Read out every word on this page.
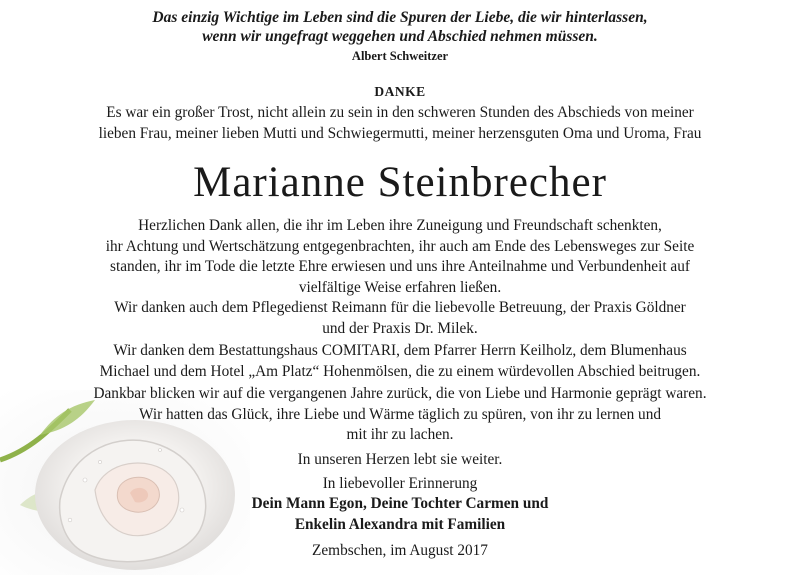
Das einzig Wichtige im Leben sind die Spuren der Liebe, die wir hinterlassen,
wenn wir ungefragt weggehen und Abschied nehmen müssen.
Albert Schweitzer
DANKE
Es war ein großer Trost, nicht allein zu sein in den schweren Stunden des Abschieds von meiner
lieben Frau, meiner lieben Mutti und Schwiegermutti, meiner herzensguten Oma und Uroma, Frau
Marianne Steinbrecher
Herzlichen Dank allen, die ihr im Leben ihre Zuneigung und Freundschaft schenkten,
ihr Achtung und Wertschätzung entgegenbrachten, ihr auch am Ende des Lebensweges zur Seite
standen, ihr im Tode die letzte Ehre erwiesen und uns ihre Anteilnahme und Verbundenheit auf
vielfältige Weise erfahren ließen.
Wir danken auch dem Pflegedienst Reimann für die liebevolle Betreuung, der Praxis Göldner
und der Praxis Dr. Milek.
Wir danken dem Bestattungshaus COMITARI, dem Pfarrer Herrn Keilholz, dem Blumenhaus
Michael und dem Hotel „Am Platz“ Hohenmölsen, die zu einem würdevollen Abschied beitrugen.
Dankbar blicken wir auf die vergangenen Jahre zurück, die von Liebe und Harmonie geprägt waren.
Wir hatten das Glück, ihre Liebe und Wärme täglich zu spüren, von ihr zu lernen und
mit ihr zu lachen.
In unseren Herzen lebt sie weiter.
In liebevoller Erinnerung
Dein Mann Egon, Deine Tochter Carmen und
Enkelin Alexandra mit Familien
Zembschen, im August 2017
